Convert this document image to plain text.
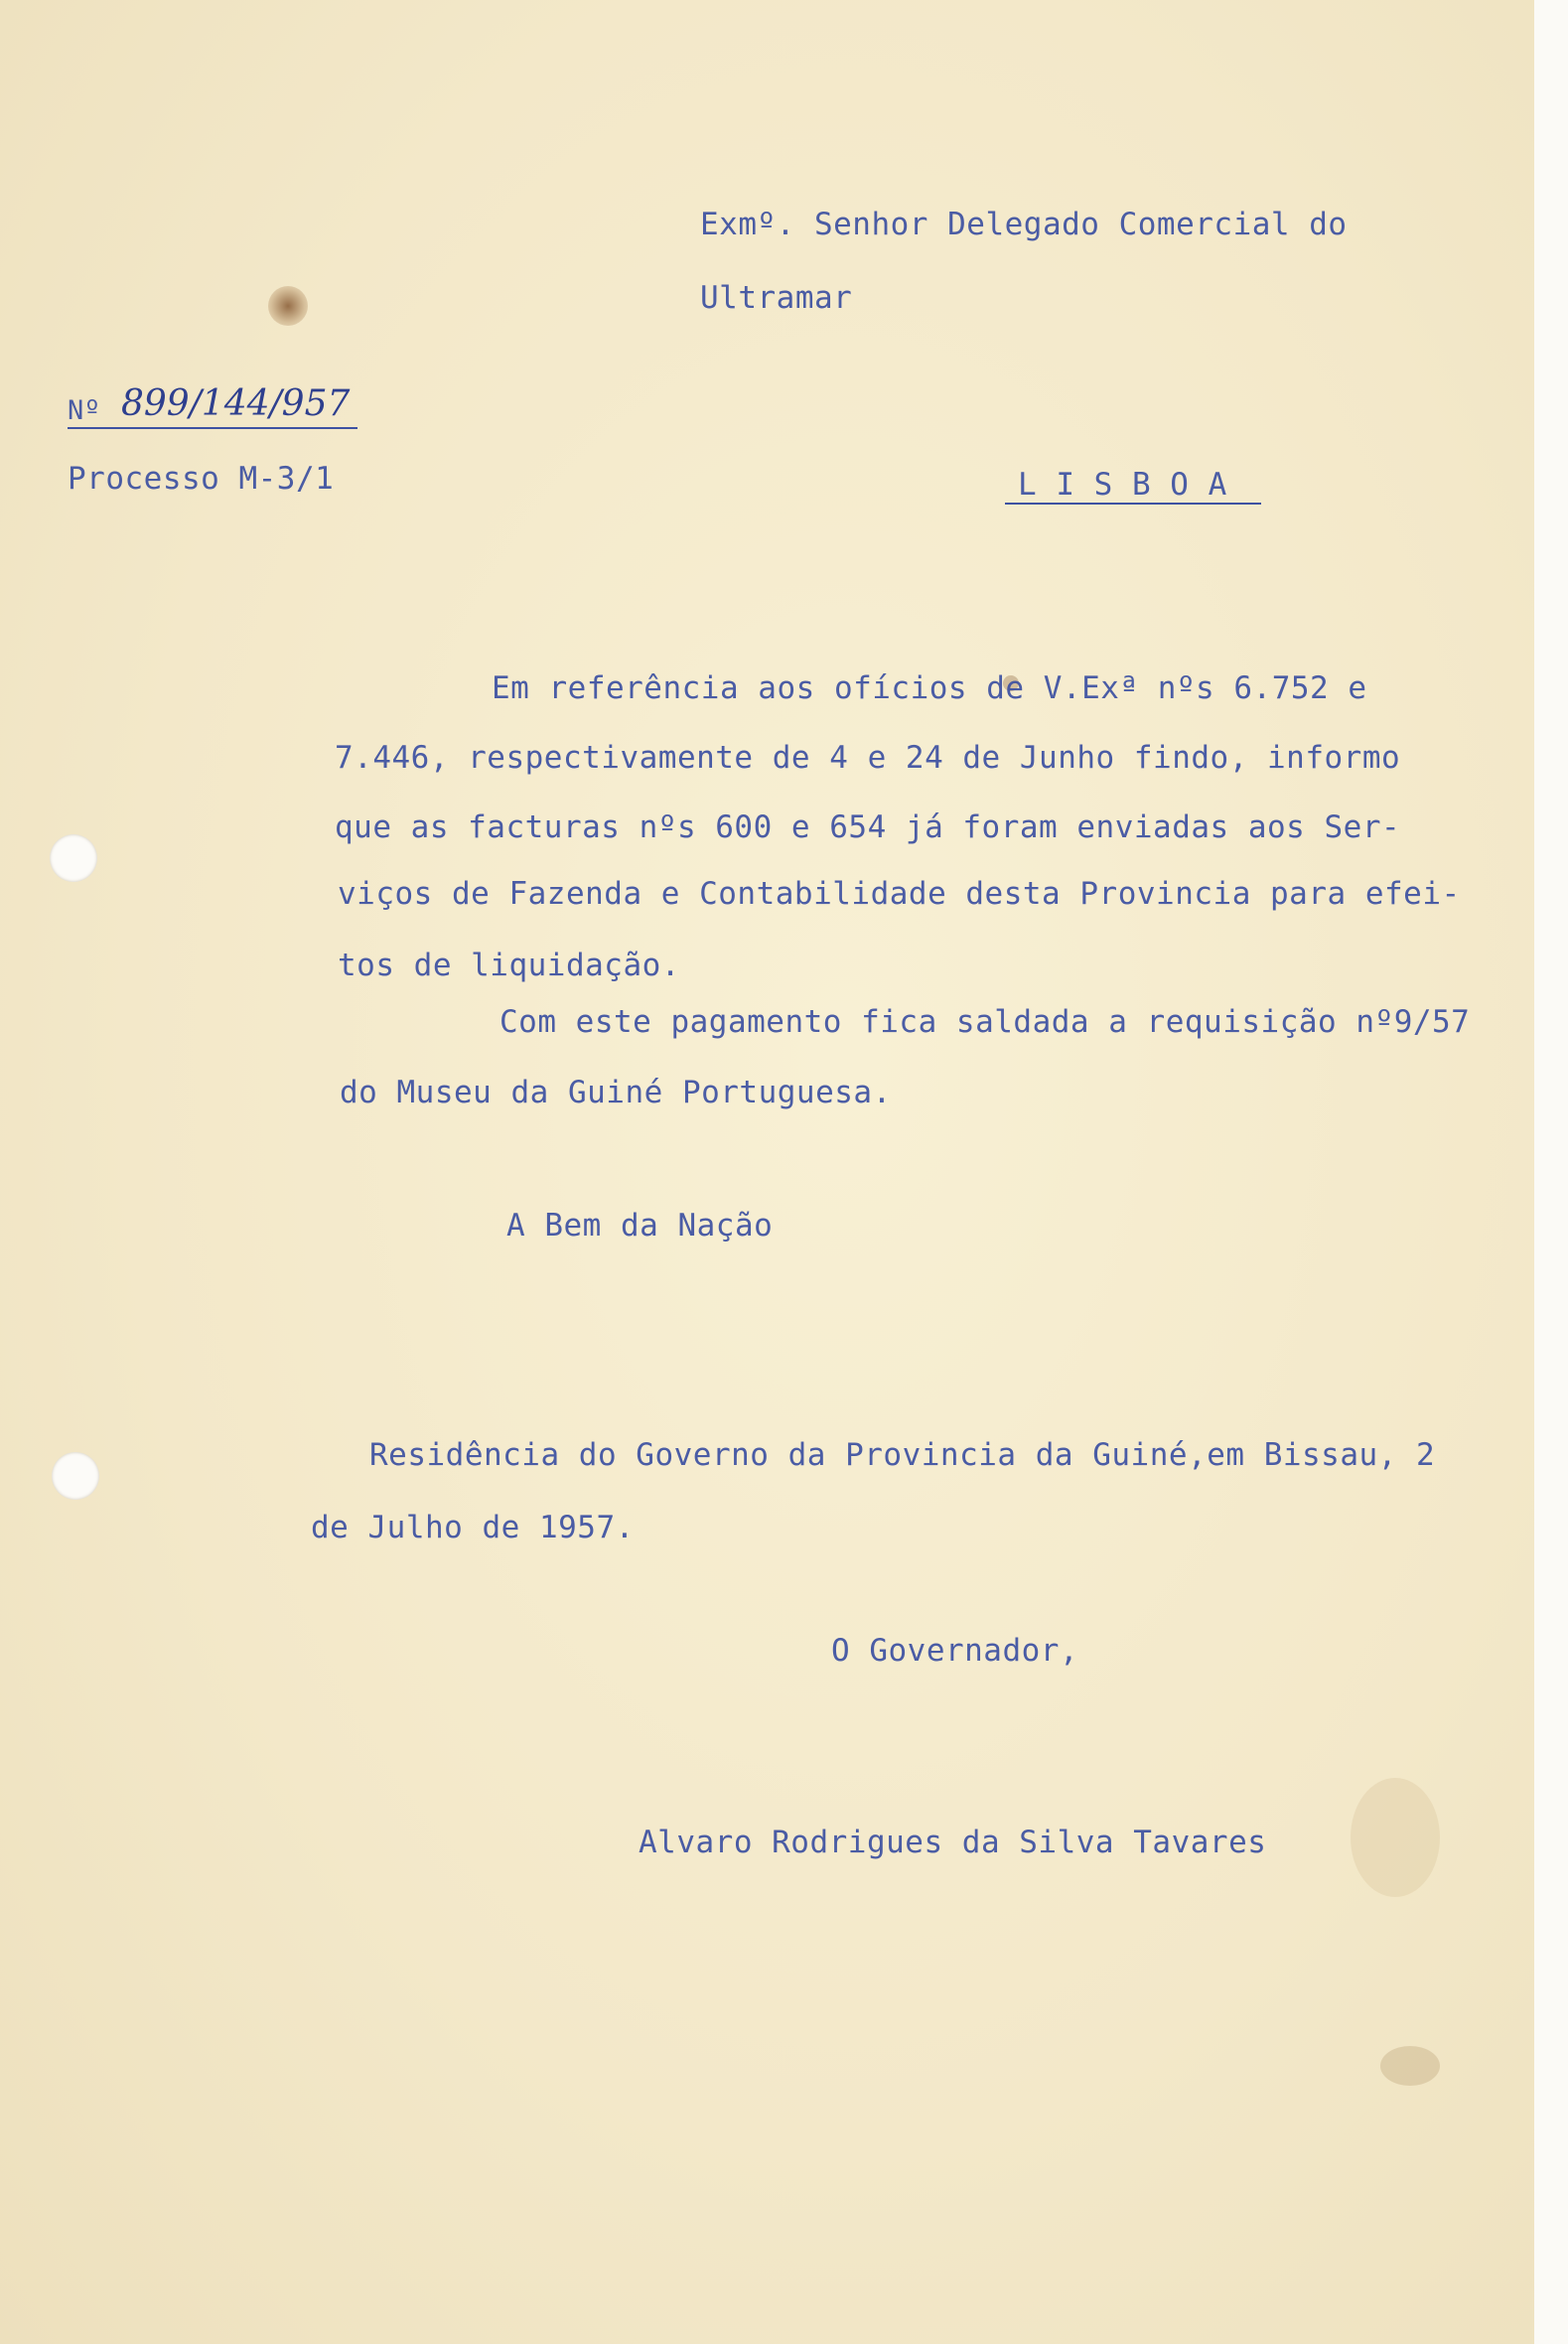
Exmº. Senhor Delegado Comercial do

Ultramar

Nº 899/144/957

Processo M-3/1	L I S B O A

Em referência aos ofícios de V.Exª nºs 6.752 e

7.446, respectivamente de 4 e 24 de Junho findo, informo

que as facturas nºs 600 e 654 já foram enviadas aos Ser-

viços de Fazenda e Contabilidade desta Provincia para efei-

tos de liquidação.

Com este pagamento fica saldada a requisição nº9/57

do Museu da Guiné Portuguesa.

A Bem da Nação

Residência do Governo da Provincia da Guiné,em Bissau, 2

de Julho de 1957.

O Governador,

Alvaro Rodrigues da Silva Tavares
